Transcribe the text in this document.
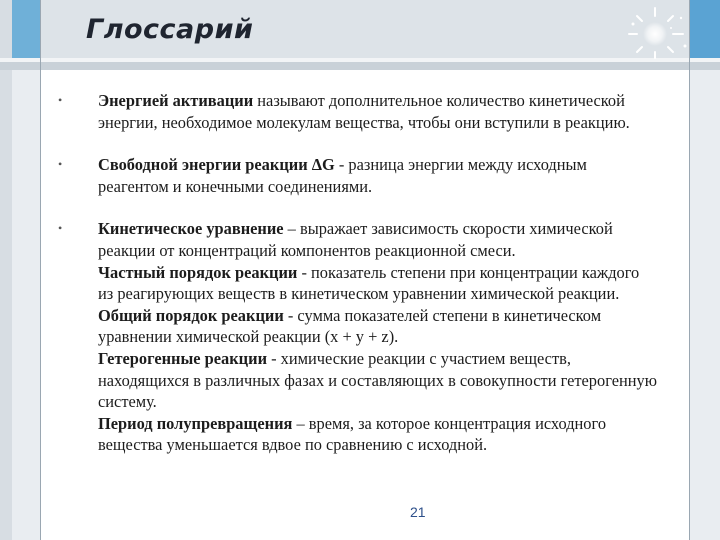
Глоссарий
• Энергией активации называют дополнительное количество кинетической энергии, необходимое молекулам вещества, чтобы они вступили в реакцию.
• Свободной энергии реакции ΔG - разница энергии между исходным реагентом и конечными соединениями.
• Кинетическое уравнение – выражает зависимость скорости химической реакции от концентраций компонентов реакционной смеси.
Частный порядок реакции - показатель степени при концентрации каждого из реагирующих веществ в кинетическом уравнении химической реакции.
Общий порядок реакции - сумма показателей степени в кинетическом уравнении химической реакции (x + y + z).
Гетерогенные реакции - химические реакции с участием веществ, находящихся в различных фазах и составляющих в совокупности гетерогенную систему.
Период полупревращения – время, за которое концентрация исходного вещества уменьшается вдвое по сравнению с исходной.
21
